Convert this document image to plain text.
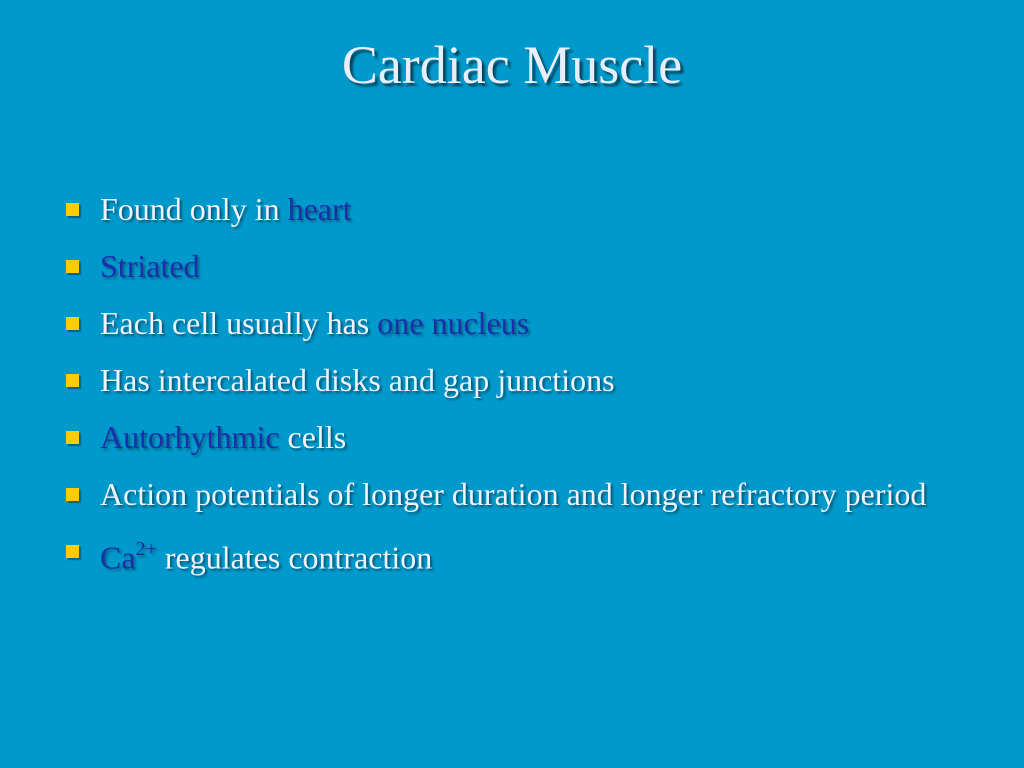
Cardiac Muscle
Found only in heart
Striated
Each cell usually has one nucleus
Has intercalated disks and gap junctions
Autorhythmic cells
Action potentials of longer duration and longer refractory period
$Ca^{2+}$ regulates contraction
